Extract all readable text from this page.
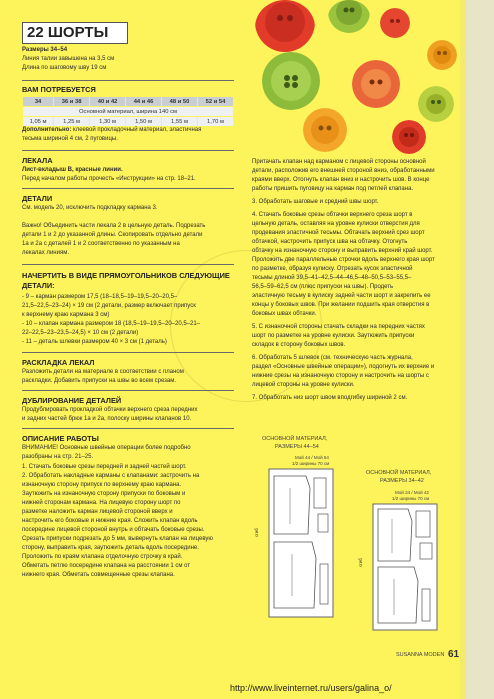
22 ШОРТЫ
Размеры 34–54
Линия талии завышена на 3,5 см
Длина по шаговому шву 19 см
ВАМ ПОТРЕБУЕТСЯ
34	36 и 38	40 и 42	44 и 46	48 и 50	52 и 54
Основной материал, ширина 140 см					
1,05 м	1,25 м	1,30 м	1,50 м	1,55 м	1,70 м
Дополнительно: клеевой прокладочный материал, эластичная
тесьма шириной 4 см, 2 пуговицы.
ЛЕКАЛА
Лист-вкладыш В, красные линии.
Перед началом работы прочесть «Инструкции» на стр. 18–21.
ДЕТАЛИ
См. модель 20, исключить подкладку кармана 3.
Важно! Объединить части лекала 2 в цельную деталь. Подрезать
детали 1 и 2 до указанной длины. Скопировать отдельно детали
1а и 2а с деталей 1 и 2 соответственно по указанным на
лекалах линиям.
НАЧЕРТИТЬ В ВИДЕ ПРЯМОУГОЛЬНИКОВ СЛЕДУЮЩИЕ
ДЕТАЛИ:
- 9 – карман размером 17,5 (18–18,5–19–19,5–20–20,5–
21,5–22,5–23–24) × 19 см (2 детали, размер включает припуск
к верхнему краю кармана 3 см)
- 10 – клапан кармана размером 18 (18,5–19–19,5–20–20,5–21–
22–22,5–23–23,5–24,5) × 10 см (2 детали)
- 11 – деталь шлевки размером 40 × 3 см (1 деталь)
РАСКЛАДКА ЛЕКАЛ
Разложить детали на материале в соответствии с планом
раскладки. Добавить припуски на швы во всем срезам.
ДУБЛИРОВАНИЕ ДЕТАЛЕЙ
Продублировать прокладкой обтачки верхнего среза передних
и задних частей брюк 1а и 2а, полоску ширины клапанов 10.
ОПИСАНИЕ РАБОТЫ
ВНИМАНИЕ! Основные швейные операции более подробно
разобраны на стр. 21–25.
1. Стачать боковые срезы передней и задней частей шорт.
2. Обработать накладные карманы с клапанами: застрочить на
изнаночную сторону припуск по верхнему краю кармана.
Заутюжить на изнаночную сторону припуски по боковым и
нижней сторонам кармана. На лицевую сторону шорт по
разметке наложить карман лицевой стороной вверх и
настрочить его боковые и нижние края. Сложить клапан вдоль
посередине лицевой стороной внутрь и обтачать боковые срезы.
Срезать припуски подрезать до 5 мм, вывернуть клапан на лицевую
сторону, выправить края, заутюжить деталь вдоль посередине.
Проложить по краям клапана отделочную строчку в край.
Обметать петлю посередине клапана на расстоянии 1 см от
нижнего края. Обметать совмещенные срезы клапана.
Притачать клапан над карманом с лицевой стороны основной
детали, расположив его внешней стороной вниз, обработанными
краями вверх. Отогнуть клапан вниз и настрочить шов. В конце
работы пришить пуговицу на карман под петлей клапана.
3. Обработать шаговые и средний швы шорт.
4. Стачать боковые срезы обтачки верхнего среза шорт в
цельную деталь, оставляя на уровне кулиски отверстия для
продевания эластичной тесьмы. Обтачать верхний срез шорт
обтачкой, настрочить припуск шва на обтачку. Отогнуть
обтачку на изнаночную сторону и выправить верхний край шорт.
Проложить две параллельные строчки вдоль верхнего края шорт
по разметке, образуя кулиску. Отрезать кусок эластичной
тесьмы длиной 39,5–41–42,5–44–46,5–48–50,5–53–55,5–
56,5–59–62,5 см (плюс припуски на швы). Продеть
эластичную тесьму в кулиску задней части шорт и закрепить ее
концы у боковых швов. При желании подшить края отверстия в
боковых швах обтачки.
5. С изнаночной стороны стачать складки на передних частях
шорт по разметке на уровне кулиски. Заутюжить припуски
складок в сторону боковых швов.
6. Обработать 5 шлевок (см. техническую часть журнала,
раздел «Основные швейные операции»), подогнуть их верхние и
нижние срезы на изнаночную сторону и настрочить на шорты с
лицевой стороны на уровне кулиски.
7. Обработать низ шорт швом вподгибку шириной 2 см.
ОСНОВНОЙ МАТЕРИАЛ,
РАЗМЕРЫ 44–54
Мой 44 / Мой 54
1/2 ширины 70 см
сгиб
ОСНОВНОЙ МАТЕРИАЛ,
РАЗМЕРЫ 34–42
Мой 34 / Мой 42
1/2 ширины 70 см
сгиб
SUSANNA MODEN 61
http://www.liveinternet.ru/users/galina_o/
